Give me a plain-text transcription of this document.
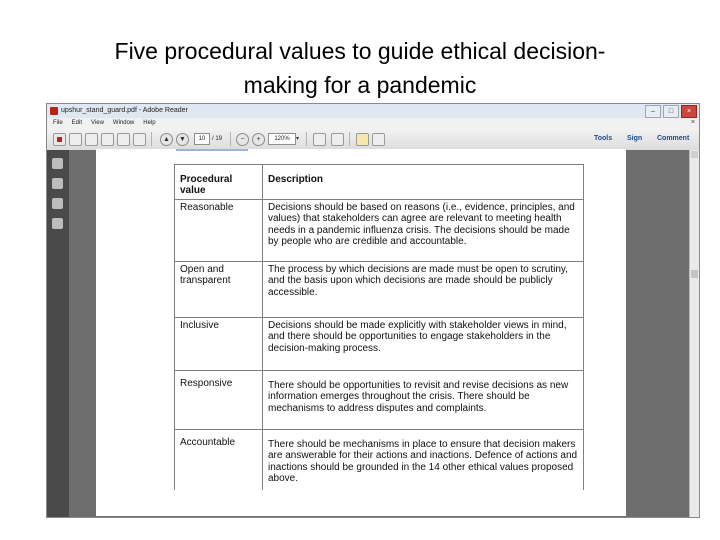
Five procedural values to guide ethical decision-
making for a pandemic
upshur_stand_guard.pdf - Adobe Reader	–	□	×
File Edit View Window Help	×
▲	▼	10	/ 19	−	+	120%	▾	Tools Sign Comment
Procedural value	Description
Reasonable	Decisions should be based on reasons (i.e., evidence, principles, and values) that stakeholders can agree are relevant to meeting health needs in a pandemic influenza crisis. The decisions should be made by people who are credible and accountable.
Open and transparent	The process by which decisions are made must be open to scrutiny, and the basis upon which decisions are made should be publicly accessible.
Inclusive	Decisions should be made explicitly with stakeholder views in mind, and there should be opportunities to engage stakeholders in the decision-making process.
Responsive	There should be opportunities to revisit and revise decisions as new information emerges throughout the crisis. There should be mechanisms to address disputes and complaints.
Accountable	There should be mechanisms in place to ensure that decision makers are answerable for their actions and inactions. Defence of actions and inactions should be grounded in the 14 other ethical values proposed above.
